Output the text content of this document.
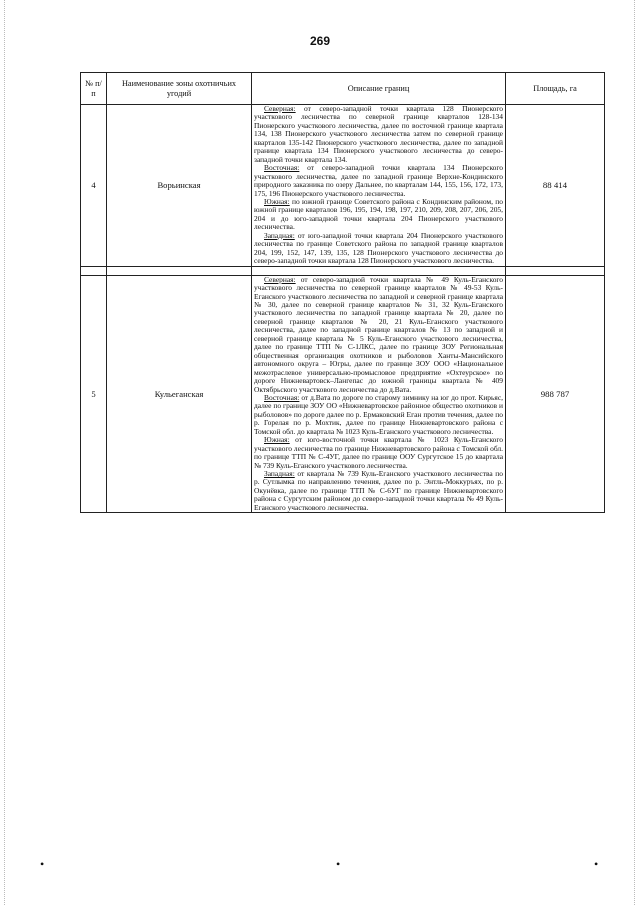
269
№ п/п	Наименование зоны охотничьих угодий	Описание границ	Площадь, га
4	Ворьинская	Северная: от северо-западной точки квартала 128 Пионерского участкового лесничества по северной границе кварталов 128-134 Пионерского участкового лесничества, далее по восточной границе квартала 134, 138 Пионерского участкового лесничества затем по северной границе кварталов 135-142 Пионерского участкового лесничества, далее по западной границе квартала 134 Пионерского участкового лесничества до северо-западной точки квартала 134.

Восточная: от северо-западной точки квартала 134 Пионерского участкового лесничества, далее по западной границе Верхне-Кондинского природного заказника по озеру Дальнее, по кварталам 144, 155, 156, 172, 173, 175, 196 Пионерского участкового лесничества.

Южная: по южной границе Советского района с Кондинским районом, по южной границе кварталов 196, 195, 194, 198, 197, 210, 209, 208, 207, 206, 205, 204 и до юго-западной точки квартала 204 Пионерского участкового лесничества.

Западная: от юго-западной точки квартала 204 Пионерского участкового лесничества по границе Советского района по западной границе кварталов 204, 199, 152, 147, 139, 135, 128 Пионерского участкового лесничества до северо-западной точки квартала 128 Пионерского участкового лесничества.	88 414

5	Кульеганская	Северная: от северо-западной точки квартала № 49 Куль-Еганского участкового лесничества по северной границе кварталов № 49-53 Куль-Еганского участкового лесничества по западной и северной границе квартала № 30, далее по северной границе кварталов № 31, 32 Куль-Еганского участкового лесничества по западной границе квартала № 20, далее по северной границе кварталов № 20, 21 Куль-Еганского участкового лесничества, далее по западной границе кварталов № 13 по западной и северной границе квартала № 5 Куль-Еганского участкового лесничества, далее по границе ТТП № С-1ЛКС, далее по границе ЗОУ Региональная общественная организация охотников и рыболовов Ханты-Мансийского автономного округа – Югры, далее по границе ЗОУ ООО «Национальное межотраслевое универсально-промысловое предприятие «Охтеурское» по дороге Нижневартовск–Лангепас до южной границы квартала № 409 Октябрьского участкового лесничества до д.Вата.

Восточная: от д.Вата по дороге по старому зимнику на юг до прот. Кирьяс, далее по границе ЗОУ ОО «Нижневартовское районное общество охотников и рыболовов» по дороге далее по р. Ермаковский Еган против течения, далее по р. Горелая по р. Мохтик, далее по границе Нижневартовского района с Томской обл. до квартала № 1023 Куль-Еганского участкового лесничества.

Южная: от юго-восточной точки квартала № 1023 Куль-Еганского участкового лесничества по границе Нижневартовского района с Томской обл. по границе ТТП № С-4УГ, далее по границе ООУ Сургутское 15 до квартала № 739 Куль-Еганского участкового лесничества.

Западная: от квартала № 739 Куль-Еганского участкового лесничества по р. Сутлымка по направлению течения, далее по р. Энтль-Моккуръях, по р. Окунёвка, далее по границе ТТП № С-6УГ по границе Нижневартовского района с Сургутским районом до северо-западной точки квартала № 49 Куль-Еганского участкового лесничества.	988 787
•	•	•
